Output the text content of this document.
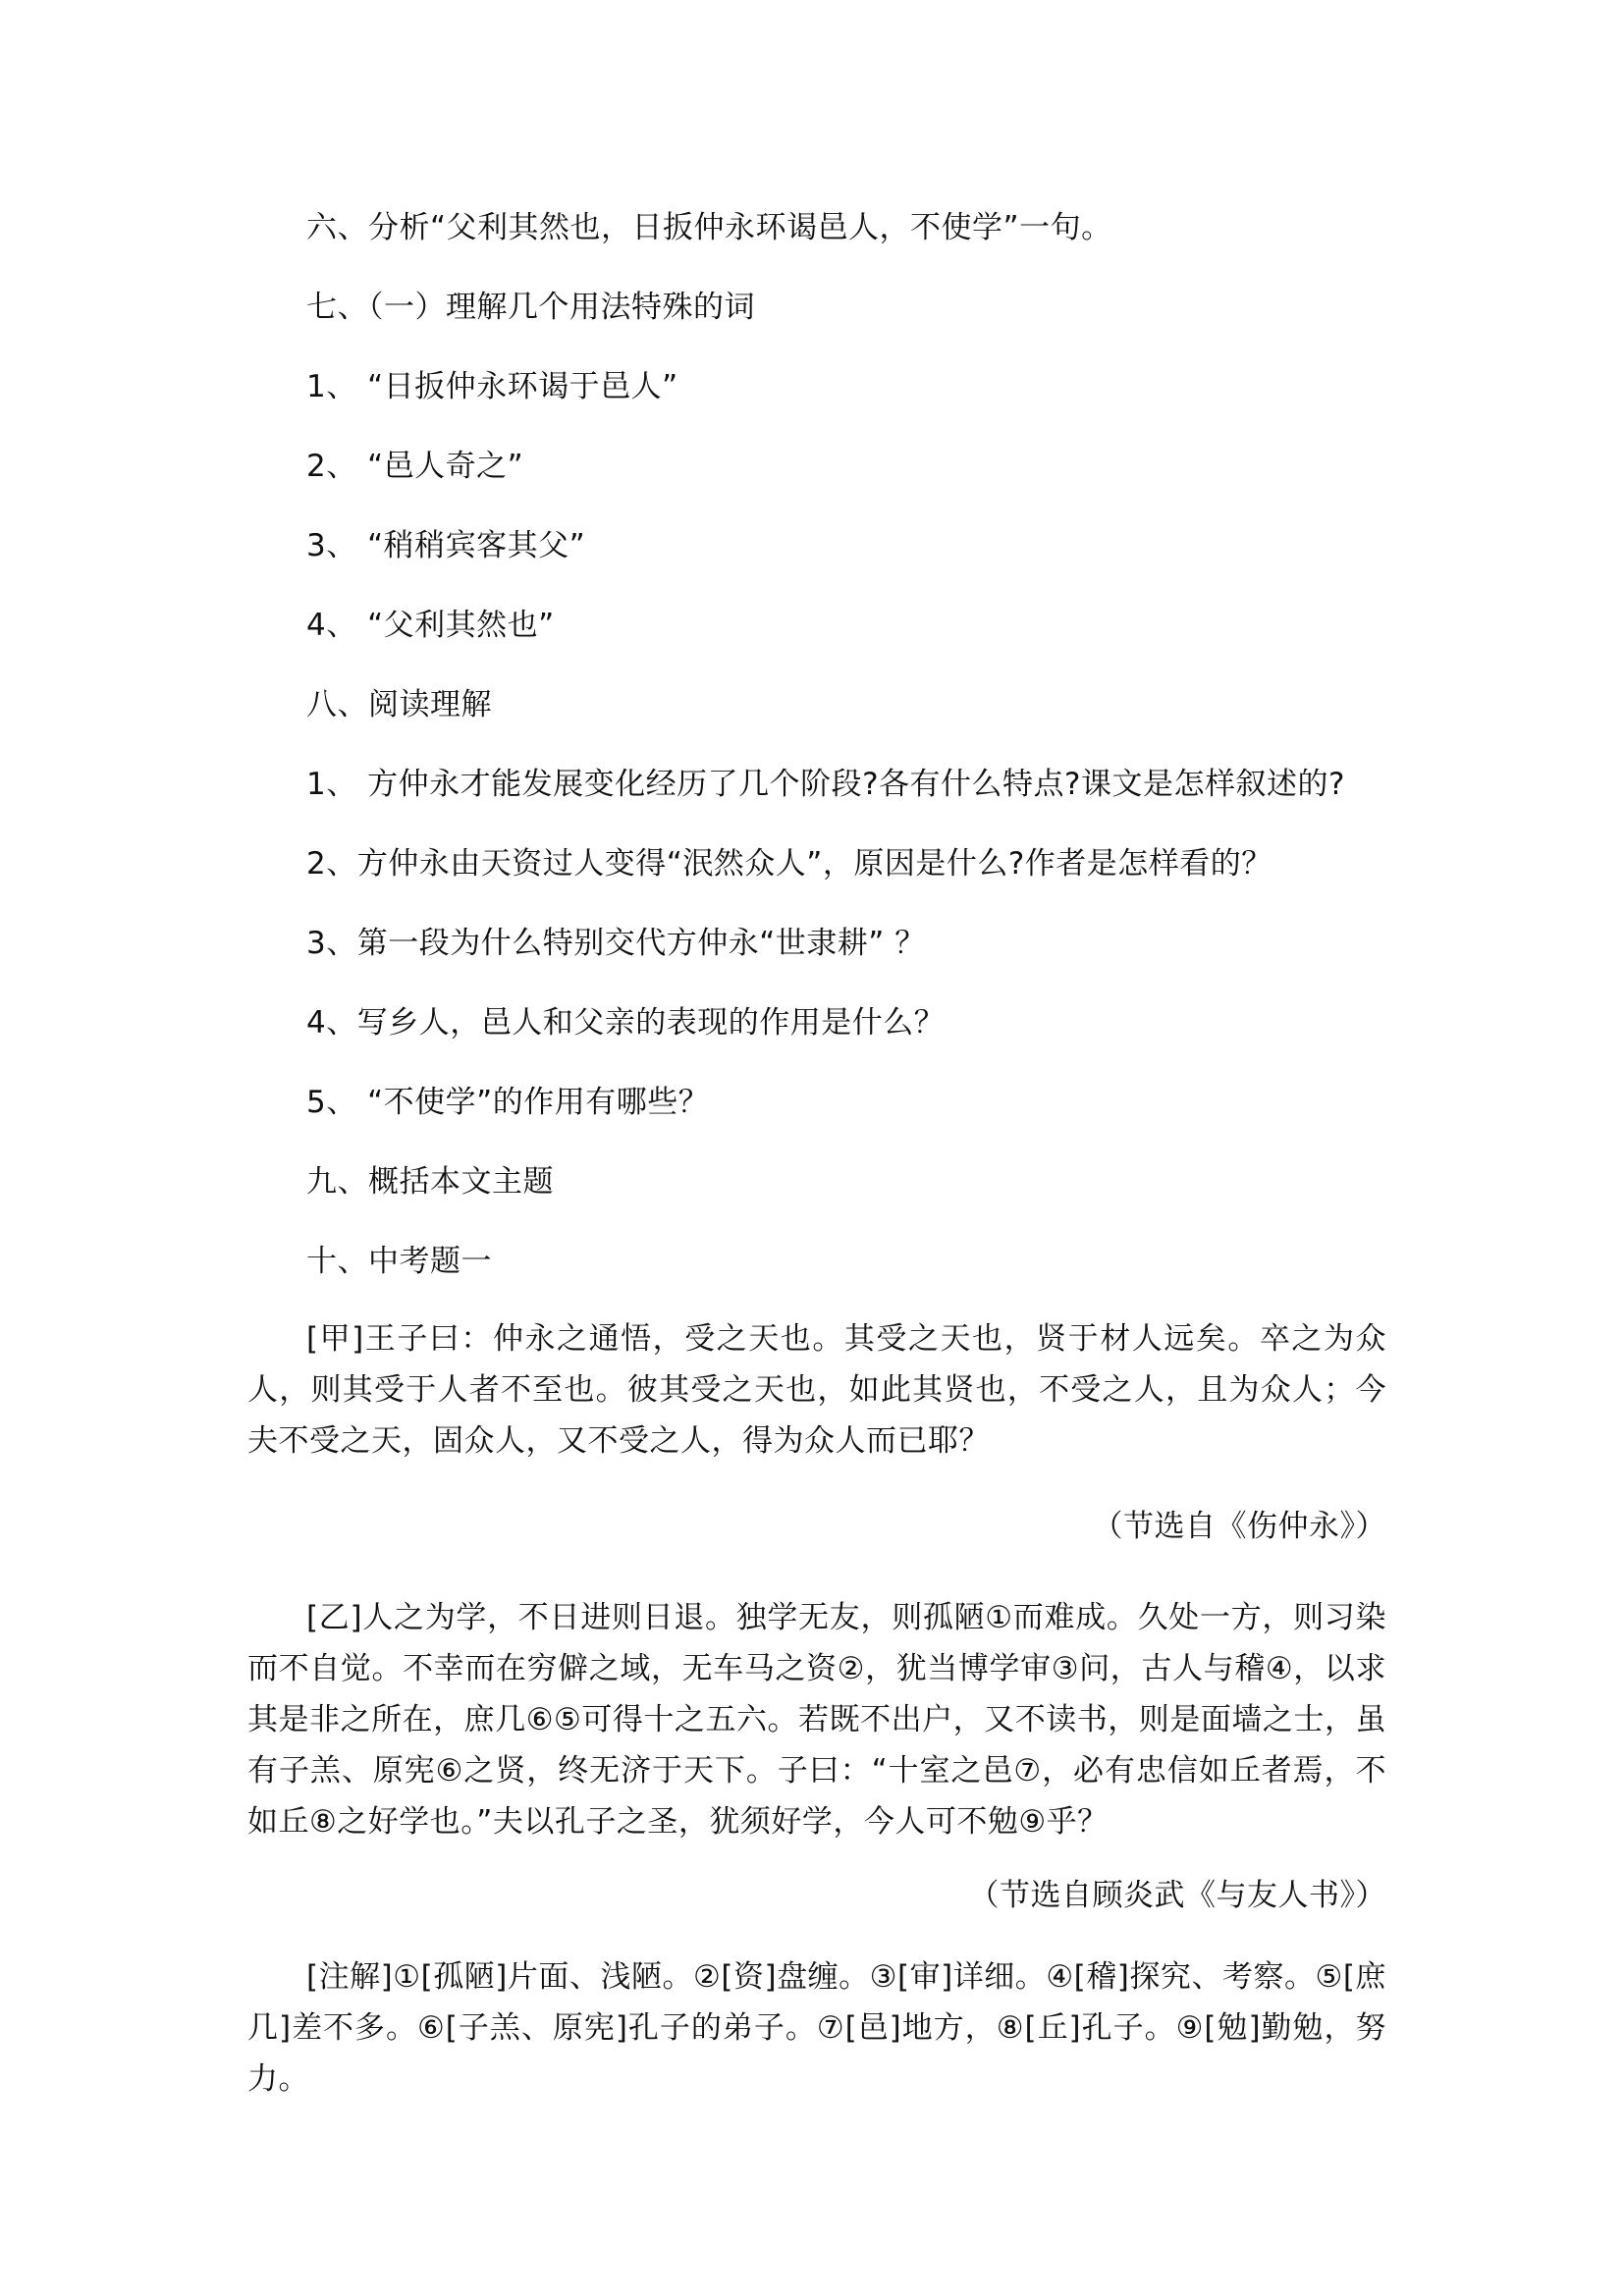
六、分析“父利其然也，日扳仲永环谒邑人，不使学”一句。
七、（一）理解几个用法特殊的词
1、 “日扳仲永环谒于邑人”
2、 “邑人奇之”
3、 “稍稍宾客其父”
4、 “父利其然也”
八、阅读理解
1、 方仲永才能发展变化经历了几个阶段?各有什么特点?课文是怎样叙述的?
2、方仲永由天资过人变得“泯然众人”，原因是什么?作者是怎样看的？
3、第一段为什么特别交代方仲永“世隶耕” ？
4、写乡人，邑人和父亲的表现的作用是什么？
5、 “不使学”的作用有哪些？
九、概括本文主题
十、中考题一
[甲]王子曰：仲永之通悟，受之天也。其受之天也，贤于材人远矣。卒之为众人，则其受于人者不至也。彼其受之天也，如此其贤也，不受之人，且为众人；今夫不受之天，固众人，又不受之人，得为众人而已耶？
（节选自《伤仲永》）
[乙]人之为学，不日进则日退。独学无友，则孤陋①而难成。久处一方，则习染而不自觉。不幸而在穷僻之域，无车马之资②，犹当博学审③问，古人与稽④，以求其是非之所在，庶几⑥⑤可得十之五六。若既不出户，又不读书，则是面墙之士，虽有子羔、原宪⑥之贤，终无济于天下。子曰：“十室之邑⑦，必有忠信如丘者焉，不如丘⑧之好学也。”夫以孔子之圣，犹须好学，今人可不勉⑨乎？
（节选自顾炎武《与友人书》）
[注解]①[孤陋]片面、浅陋。②[资]盘缠。③[审]详细。④[稽]探究、考察。⑤[庶几]差不多。⑥[子羔、原宪]孔子的弟子。⑦[邑]地方，⑧[丘]孔子。⑨[勉]勤勉，努力。
